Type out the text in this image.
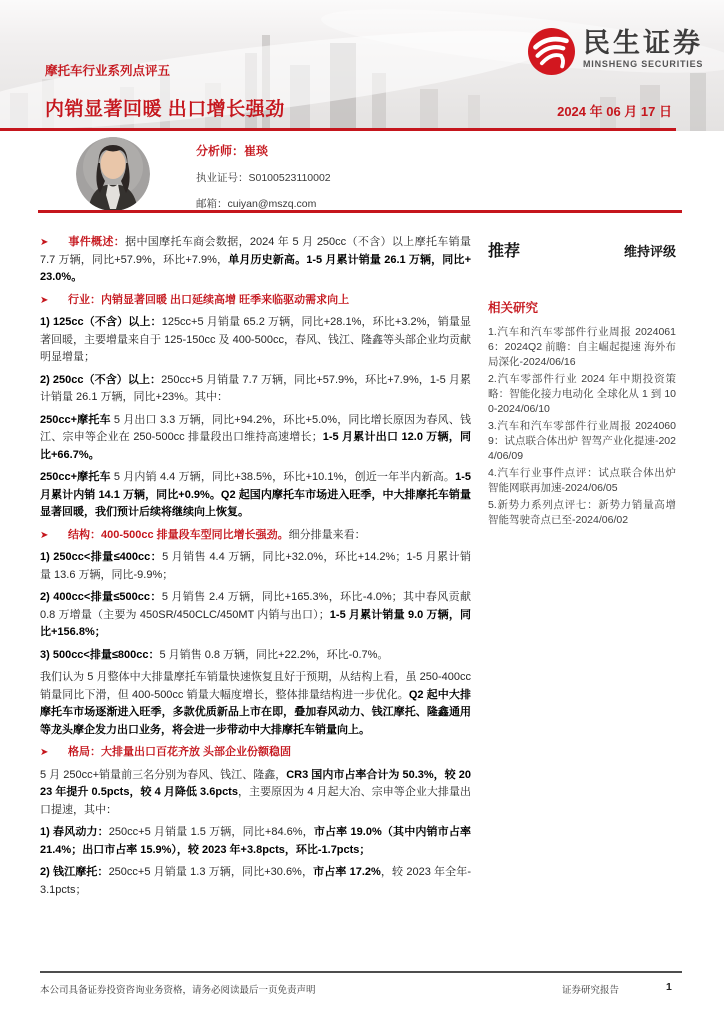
民生证券
MINSHENG SECURITIES
摩托车行业系列点评五
内销显著回暖 出口增长强劲	2024 年 06 月 17 日
分析师：崔琰
执业证号：S0100523110002
邮箱：cuiyan@mszq.com

➤ 事件概述：据中国摩托车商会数据，2024 年 5 月 250cc（不含）以上摩托车销量 7.7 万辆，同比+57.9%，环比+7.9%，单月历史新高。1-5 月累计销量 26.1 万辆，同比+23.0%。

➤ 行业：内销显著回暖 出口延续高增 旺季来临驱动需求向上

1) 125cc（不含）以上：125cc+5 月销量 65.2 万辆，同比+28.1%，环比+3.2%，销量显著回暖，主要增量来自于 125-150cc 及 400-500cc，春风、钱江、隆鑫等头部企业均贡献明显增量；

2) 250cc（不含）以上：250cc+5 月销量 7.7 万辆，同比+57.9%，环比+7.9%，1-5 月累计销量 26.1 万辆，同比+23%。其中：

250cc+摩托车 5 月出口 3.3 万辆，同比+94.2%，环比+5.0%，同比增长原因为春风、钱江、宗申等企业在 250-500cc 排量段出口维持高速增长；1-5 月累计出口 12.0 万辆，同比+66.7%。

250cc+摩托车 5 月内销 4.4 万辆，同比+38.5%，环比+10.1%，创近一年半内新高。1-5 月累计内销 14.1 万辆，同比+0.9%。Q2 起国内摩托车市场进入旺季，中大排摩托车销量显著回暖，我们预计后续将继续向上恢复。

➤ 结构：400-500cc 排量段车型同比增长强劲。细分排量来看：

1) 250cc<排量≤400cc：5 月销售 4.4 万辆，同比+32.0%，环比+14.2%；1-5 月累计销量 13.6 万辆，同比-9.9%；

2) 400cc<排量≤500cc：5 月销售 2.4 万辆，同比+165.3%，环比-4.0%；其中春风贡献 0.8 万增量（主要为 450SR/450CLC/450MT 内销与出口）；1-5 月累计销量 9.0 万辆，同比+156.8%；

3) 500cc<排量≤800cc：5 月销售 0.8 万辆，同比+22.2%，环比-0.7%。

我们认为 5 月整体中大排量摩托车销量快速恢复且好于预期，从结构上看，虽 250-400cc 销量同比下滑，但 400-500cc 销量大幅度增长，整体排量结构进一步优化。Q2 起中大排摩托车市场逐渐进入旺季，多款优质新品上市在即，叠加春风动力、钱江摩托、隆鑫通用等龙头摩企发力出口业务，将会进一步带动中大排摩托车销量向上。

➤ 格局：大排量出口百花齐放 头部企业份额稳固

5 月 250cc+销量前三名分别为春风、钱江、隆鑫，CR3 国内市占率合计为 50.3%，较 2023 年提升 0.5pcts，较 4 月降低 3.6pcts，主要原因为 4 月起大冶、宗申等企业大排量出口提速，其中：

1) 春风动力：250cc+5 月销量 1.5 万辆，同比+84.6%，市占率 19.0%（其中内销市占率 21.4%；出口市占率 15.9%），较 2023 年+3.8pcts，环比-1.7pcts；

2) 钱江摩托：250cc+5 月销量 1.3 万辆，同比+30.6%，市占率 17.2%，较 2023 年全年-3.1pcts；

推荐	维持评级
相关研究
1.汽车和汽车零部件行业周报 20240616：2024Q2 前瞻：自主崛起提速 海外布局深化-2024/06/16
2.汽车零部件行业 2024 年中期投资策略：智能化接力电动化 全球化从 1 到 100-2024/06/10
3.汽车和汽车零部件行业周报 20240609：试点联合体出炉 智驾产业化提速-2024/06/09
4.汽车行业事件点评：试点联合体出炉 智能网联再加速-2024/06/05
5.新势力系列点评七：新势力销量高增 智能驾驶奇点已至-2024/06/02
本公司具备证券投资咨询业务资格，请务必阅读最后一页免责声明	证券研究报告	1
